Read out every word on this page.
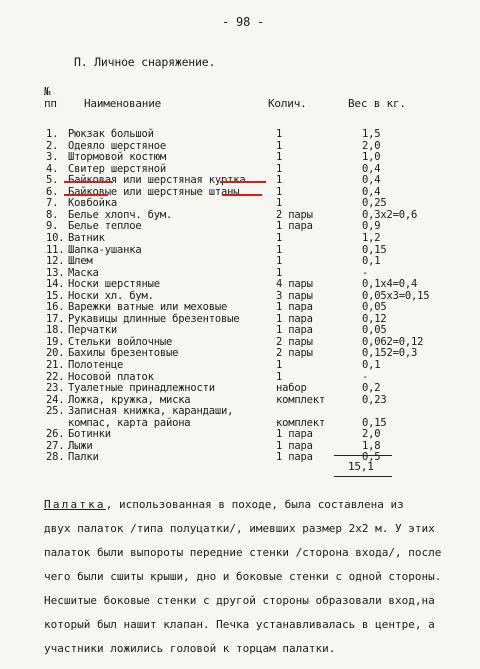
- 98 -
П. Личное снаряжение.
№
пп Наименование	Колич.	Вес в кг.
1. Рюкзак большой	1	1,5
2. Одеяло шерстяное	1	2,0
3. Штормовой костюм	1	1,0
4. Свитер шерстяной	1	0,4
5. Байковая или шерстяная куртка	1	0,4
6. Байковые или шерстяные штаны	1	0,4
7. Ковбойка	1	0,25
8. Белье хлопч. бум.	2 пары	0,3х2=0,6
9. Белье теплое	1 пара	0,9
10. Ватник	1	1,2
11. Шапка-ушанка	1	0,15
12. Шлем	1	0,1
13. Маска	1	-
14. Носки шерстяные	4 пары	0,1х4=0,4
15. Носки хл. бум.	3 пары	0,05х3=0,15
16. Варежки ватные или меховые	1 пара	0,05
17. Рукавицы длинные брезентовые	1 пара	0,12
18. Перчатки	1 пара	0,05
19. Стельки войлочные	2 пары	0,062=0,12
20. Бахилы брезентовые	2 пары	0,152=0,3
21. Полотенце	1	0,1
22. Носовой платок	1	-
23. Туалетные принадлежности	набор	0,2
24. Ложка, кружка, миска	комплект	0,23
25. Записная книжка, карандаши,
компас, карта района	комплект	0,15
26. Ботинки	1 пара	2,0
27. Лыжи	1 пара	1,8
28. Палки	1 пара	0,5
15,1
Палатка, использованная в походе, была составлена из
двух палаток /типа полуцатки/, имевших размер 2х2 м. У этих
палаток были выпороты передние стенки /сторона входа/, после
чего были сшиты крыши, дно и боковые стенки с одной стороны.
Несшитые боковые стенки с другой стороны образовали вход,на
который был нашит клапан. Печка устанавливалась в центре, а
участники ложились головой к торцам палатки.
